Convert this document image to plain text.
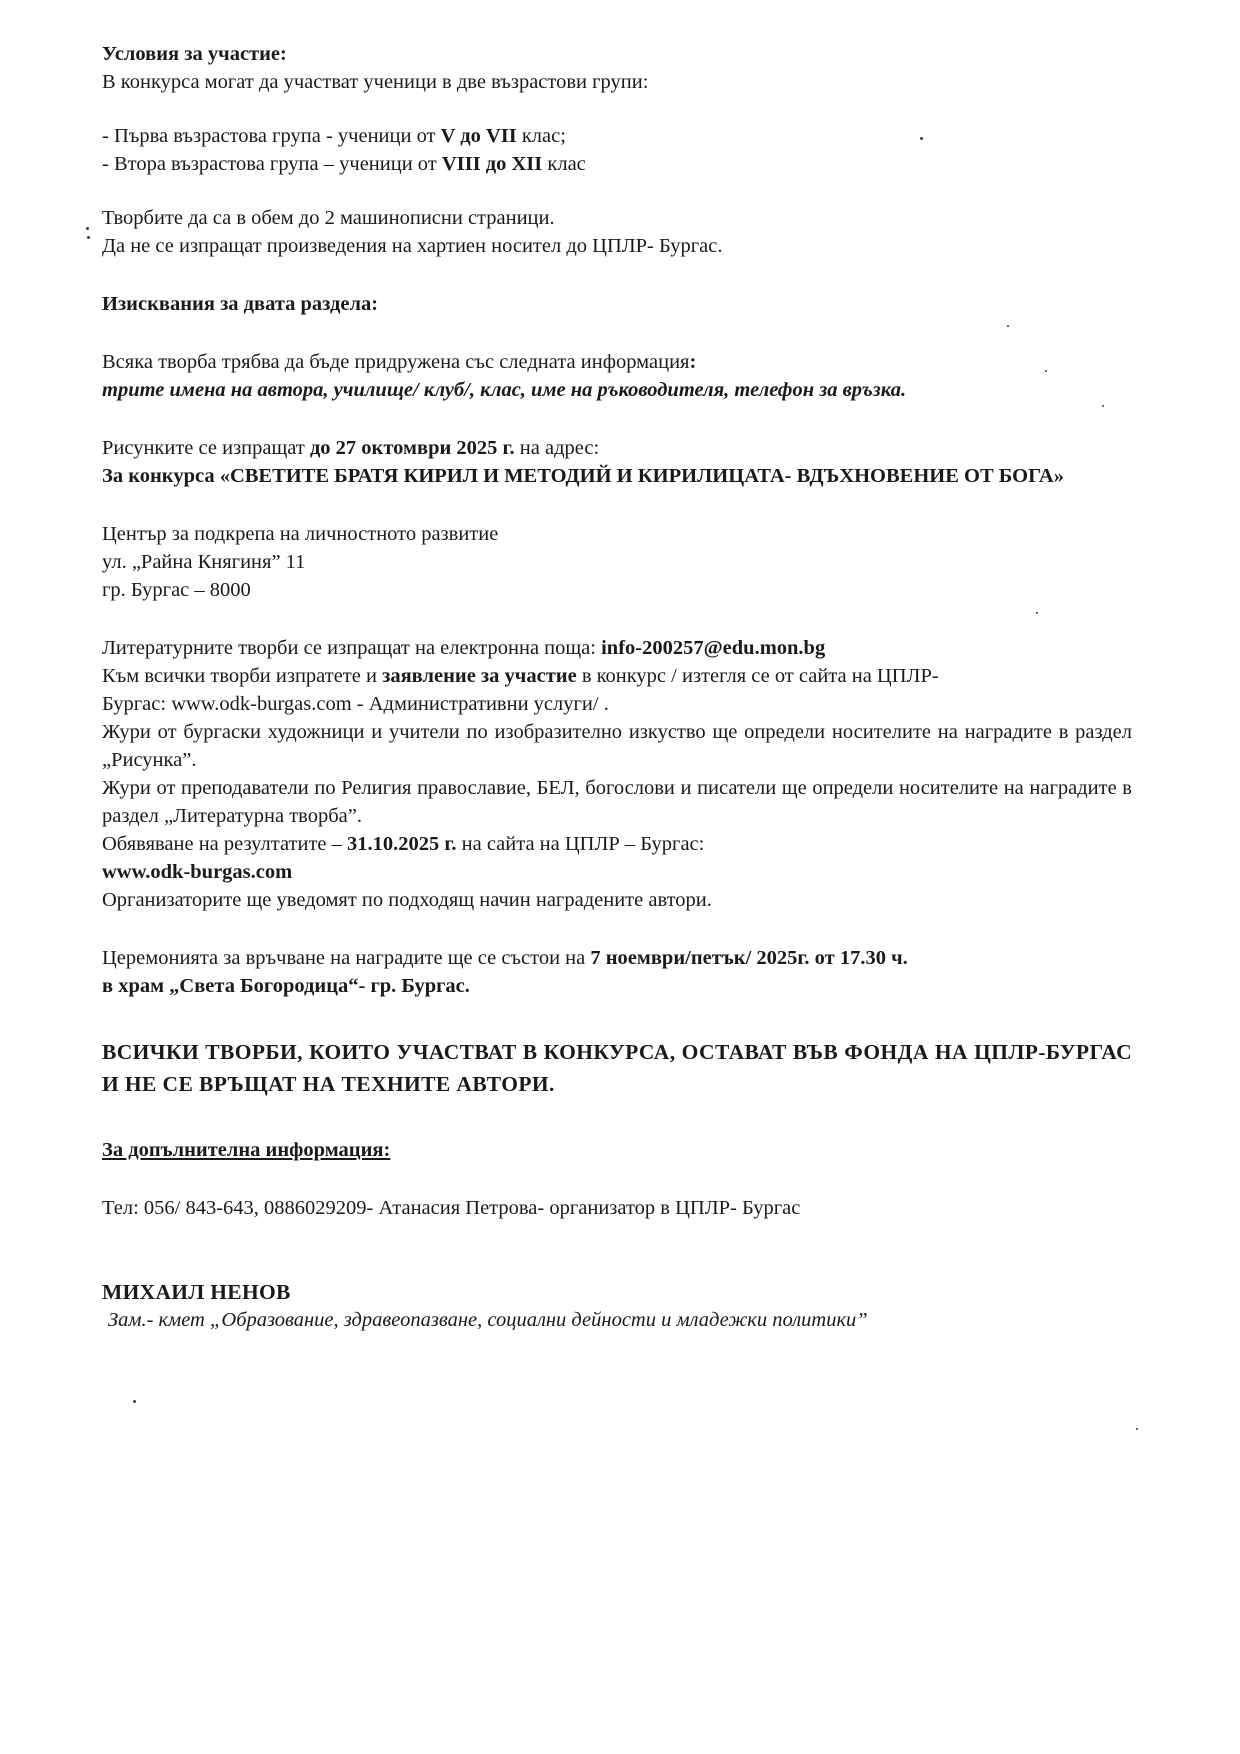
Условия за участие:
В конкурса могат да участват ученици в две възрастови групи:
- Първа възрастова група - ученици от V до VII клас;
- Втора възрастова група – ученици от VIII до XII клас
Творбите да са в обем до 2 машинописни страници.
Да не се изпращат произведения на хартиен носител до ЦПЛР- Бургас.
Изисквания за двата раздела:
Всяка творба трябва да бъде придружена със следната информация:
трите имена на автора, училище/ клуб/, клас, име на ръководителя, телефон за връзка.
Рисунките се изпращат до 27 октомври 2025 г. на адрес:
За конкурса «СВЕТИТЕ БРАТЯ КИРИЛ И МЕТОДИЙ И КИРИЛИЦАТА- ВДЪХНОВЕНИЕ ОТ БОГА»
Център за подкрепа на личностното развитие
ул. „Райна Княгиня” 11
гр. Бургас – 8000
Литературните творби се изпращат на електронна поща: info-200257@edu.mon.bg
Към всички творби изпратете и заявление за участие в конкурс / изтегля се от сайта на ЦПЛР-
Бургас: www.odk-burgas.com - Административни услуги/ .
Жури от бургаски художници и учители по изобразително изкуство ще определи носителите на наградите в раздел „Рисунка”.
Жури от преподаватели по Религия православие, БЕЛ, богослови и писатели ще определи носителите на наградите в раздел „Литературна творба”.
Обявяване на резултатите – 31.10.2025 г. на сайта на ЦПЛР – Бургас:
www.odk-burgas.com
Организаторите ще уведомят по подходящ начин наградените автори.
Церемонията за връчване на наградите ще се състои на 7 ноември/петък/ 2025г. от 17.30 ч.
в храм „Света Богородица“- гр. Бургас.
ВСИЧКИ ТВОРБИ, КОИТО УЧАСТВАТ В КОНКУРСА, ОСТАВАТ ВЪВ ФОНДА НА ЦПЛР-БУРГАС И НЕ СЕ ВРЪЩАТ НА ТЕХНИТЕ АВТОРИ.
За допълнителна информация:
Тел: 056/ 843-643, 0886029209- Атанасия Петрова- организатор в ЦПЛР- Бургас
МИХАИЛ НЕНОВ
Зам.- кмет „Образование, здравеопазване, социални дейности и младежки политики”
